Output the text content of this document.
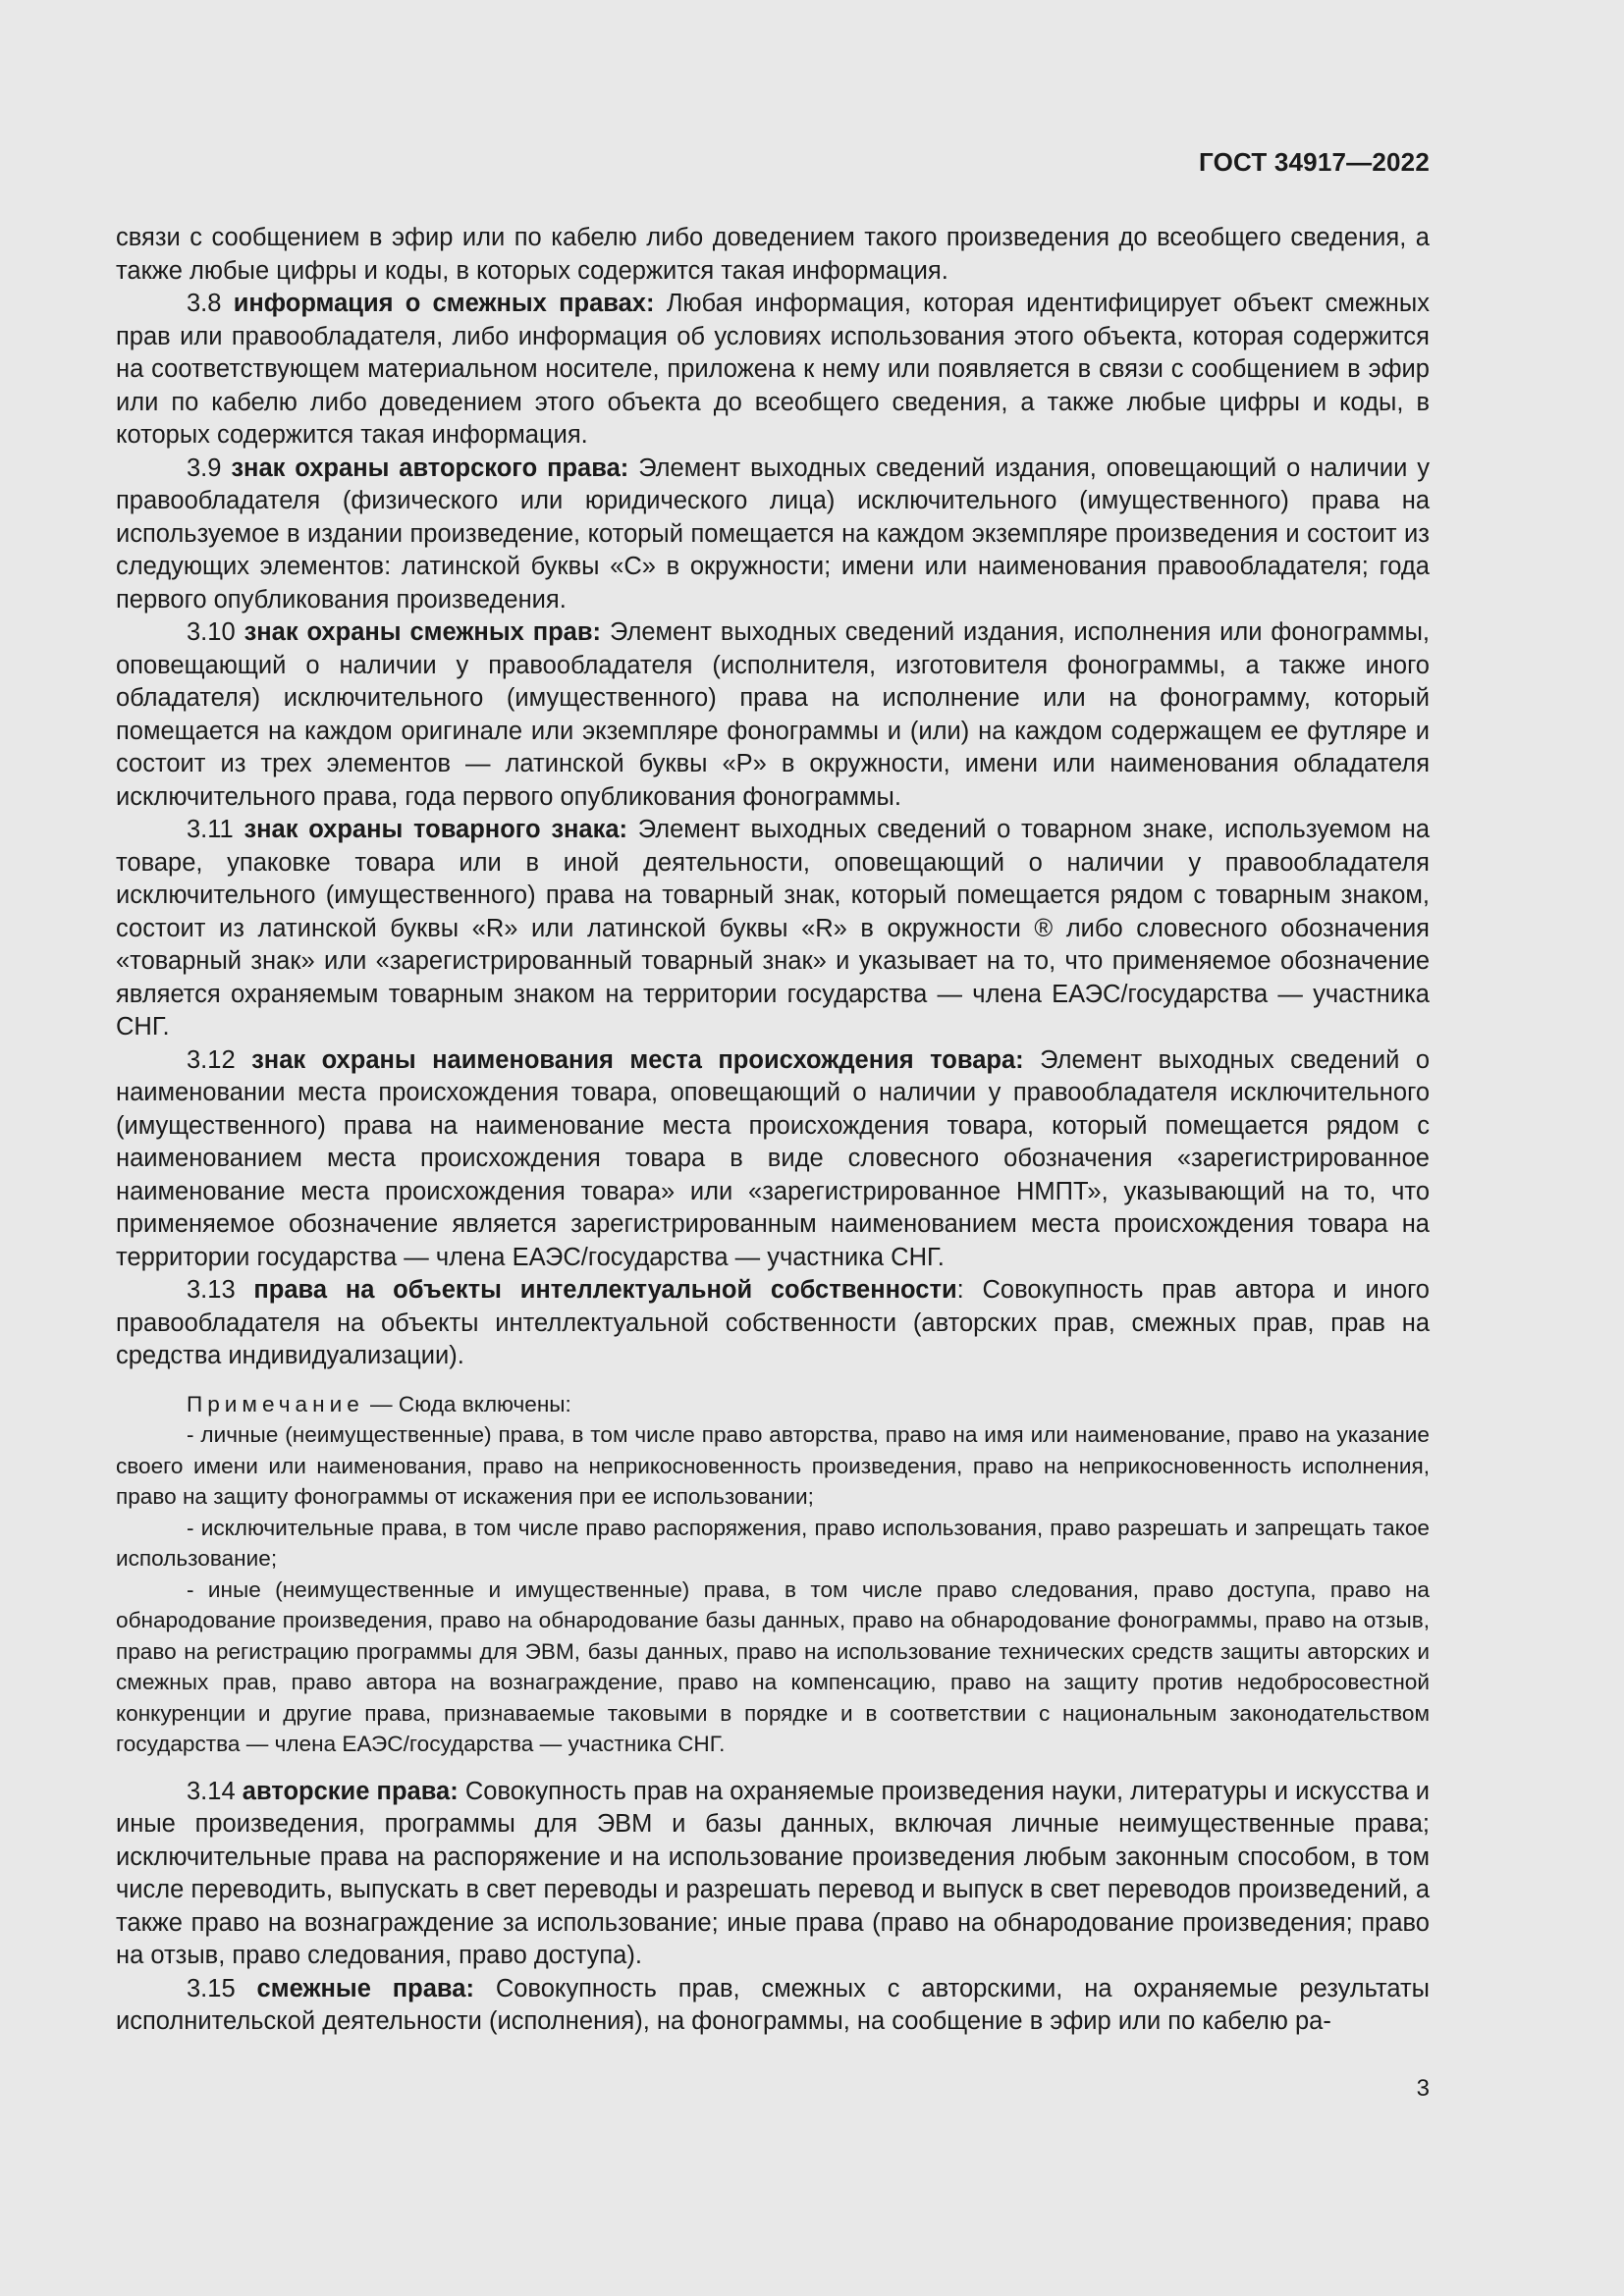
ГОСТ 34917—2022

связи с сообщением в эфир или по кабелю либо доведением такого произведения до всеобщего сведения, а также любые цифры и коды, в которых содержится такая информация.

3.8 информация о смежных правах: Любая информация, которая идентифицирует объект смежных прав или правообладателя, либо информация об условиях использования этого объекта, которая содержится на соответствующем материальном носителе, приложена к нему или появляется в связи с сообщением в эфир или по кабелю либо доведением этого объекта до всеобщего сведения, а также любые цифры и коды, в которых содержится такая информация.

3.9 знак охраны авторского права: Элемент выходных сведений издания, оповещающий о наличии у правообладателя (физического или юридического лица) исключительного (имущественного) права на используемое в издании произведение, который помещается на каждом экземпляре произведения и состоит из следующих элементов: латинской буквы «C» в окружности; имени или наименования правообладателя; года первого опубликования произведения.

3.10 знак охраны смежных прав: Элемент выходных сведений издания, исполнения или фонограммы, оповещающий о наличии у правообладателя (исполнителя, изготовителя фонограммы, а также иного обладателя) исключительного (имущественного) права на исполнение или на фонограмму, который помещается на каждом оригинале или экземпляре фонограммы и (или) на каждом содержащем ее футляре и состоит из трех элементов — латинской буквы «P» в окружности, имени или наименования обладателя исключительного права, года первого опубликования фонограммы.

3.11 знак охраны товарного знака: Элемент выходных сведений о товарном знаке, используемом на товаре, упаковке товара или в иной деятельности, оповещающий о наличии у правообладателя исключительного (имущественного) права на товарный знак, который помещается рядом с товарным знаком, состоит из латинской буквы «R» или латинской буквы «R» в окружности ® либо словесного обозначения «товарный знак» или «зарегистрированный товарный знак» и указывает на то, что применяемое обозначение является охраняемым товарным знаком на территории государства — члена ЕАЭС/государства — участника СНГ.

3.12 знак охраны наименования места происхождения товара: Элемент выходных сведений о наименовании места происхождения товара, оповещающий о наличии у правообладателя исключительного (имущественного) права на наименование места происхождения товара, который помещается рядом с наименованием места происхождения товара в виде словесного обозначения «зарегистрированное наименование места происхождения товара» или «зарегистрированное НМПТ», указывающий на то, что применяемое обозначение является зарегистрированным наименованием места происхождения товара на территории государства — члена ЕАЭС/государства — участника СНГ.

3.13 права на объекты интеллектуальной собственности: Совокупность прав автора и иного правообладателя на объекты интеллектуальной собственности (авторских прав, смежных прав, прав на средства индивидуализации).

Примечание — Сюда включены:

- личные (неимущественные) права, в том числе право авторства, право на имя или наименование, право на указание своего имени или наименования, право на неприкосновенность произведения, право на неприкосновенность исполнения, право на защиту фонограммы от искажения при ее использовании;

- исключительные права, в том числе право распоряжения, право использования, право разрешать и запрещать такое использование;

- иные (неимущественные и имущественные) права, в том числе право следования, право доступа, право на обнародование произведения, право на обнародование базы данных, право на обнародование фонограммы, право на отзыв, право на регистрацию программы для ЭВМ, базы данных, право на использование технических средств защиты авторских и смежных прав, право автора на вознаграждение, право на компенсацию, право на защиту против недобросовестной конкуренции и другие права, признаваемые таковыми в порядке и в соответствии с национальным законодательством государства — члена ЕАЭС/государства — участника СНГ.

3.14 авторские права: Совокупность прав на охраняемые произведения науки, литературы и искусства и иные произведения, программы для ЭВМ и базы данных, включая личные неимущественные права; исключительные права на распоряжение и на использование произведения любым законным способом, в том числе переводить, выпускать в свет переводы и разрешать перевод и выпуск в свет переводов произведений, а также право на вознаграждение за использование; иные права (право на обнародование произведения; право на отзыв, право следования, право доступа).

3.15 смежные права: Совокупность прав, смежных с авторскими, на охраняемые результаты исполнительской деятельности (исполнения), на фонограммы, на сообщение в эфир или по кабелю ра-

3
